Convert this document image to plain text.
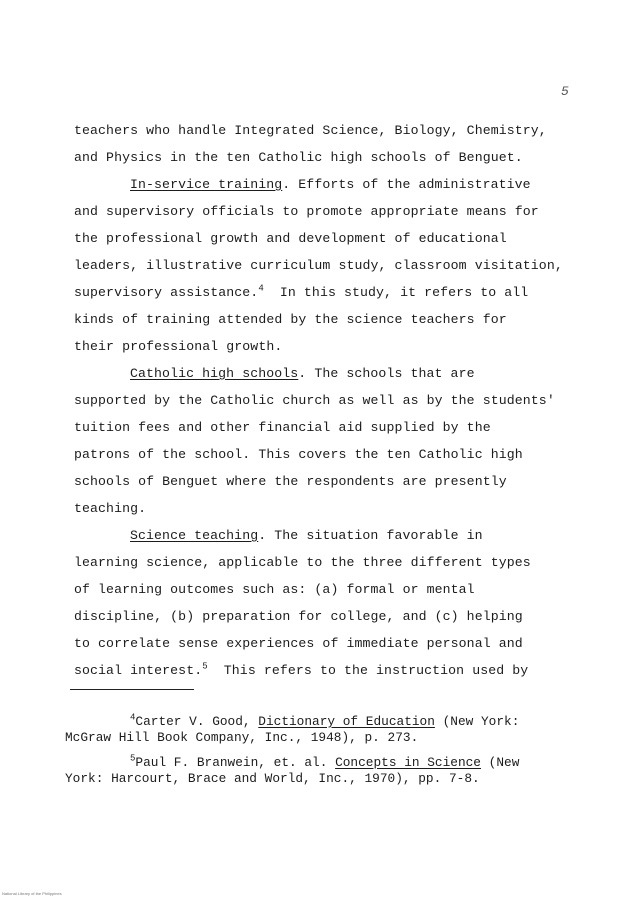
5
teachers who handle Integrated Science, Biology, Chemistry,
and Physics in the ten Catholic high schools of Benguet.
In-service training. Efforts of the administrative
and supervisory officials to promote appropriate means for
the professional growth and development of educational
leaders, illustrative curriculum study, classroom visitation,
supervisory assistance.$^4$  In this study, it refers to all
kinds of training attended by the science teachers for
their professional growth.
Catholic high schools. The schools that are
supported by the Catholic church as well as by the students'
tuition fees and other financial aid supplied by the
patrons of the school. This covers the ten Catholic high
schools of Benguet where the respondents are presently
teaching.
Science teaching. The situation favorable in
learning science, applicable to the three different types
of learning outcomes such as: (a) formal or mental
discipline, (b) preparation for college, and (c) helping
to correlate sense experiences of immediate personal and
social interest.$^5$  This refers to the instruction used by
$^4$Carter V. Good, Dictionary of Education (New York:
McGraw Hill Book Company, Inc., 1948), p. 273.
$^5$Paul F. Branwein, et. al. Concepts in Science (New
York: Harcourt, Brace and World, Inc., 1970), pp. 7-8.
National Library of the Philippines
